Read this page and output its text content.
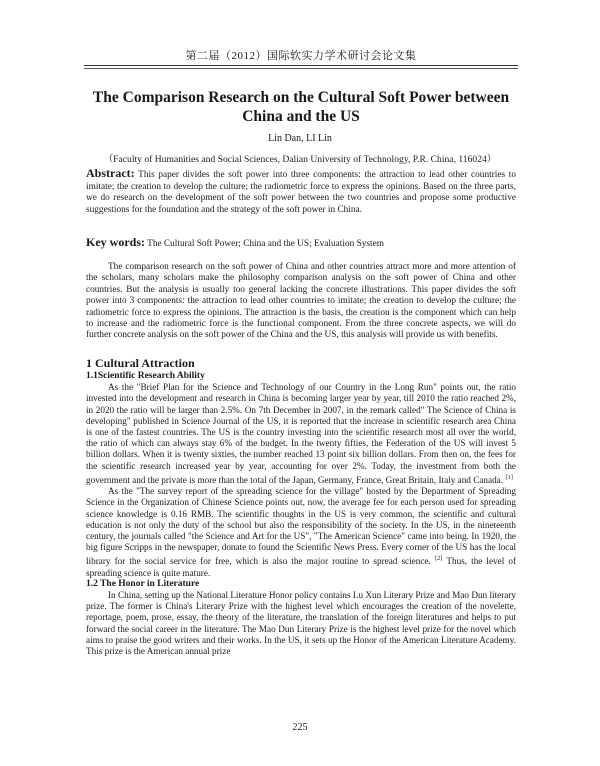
第二届（2012）国际软实力学术研讨会论文集
The Comparison Research on the Cultural Soft Power between China and the US
Lin Dan, LI Lin
（Faculty of Humanities and Social Sciences, Dalian University of Technology, P.R. China, 116024）
Abstract: This paper divides the soft power into three components: the attraction to lead other countries to imitate; the creation to develop the culture; the radiometric force to express the opinions. Based on the three parts, we do research on the development of the soft power between the two countries and propose some productive suggestions for the foundation and the strategy of the soft power in China.
Key words: The Cultural Soft Power; China and the US; Evaluation System
The comparison research on the soft power of China and other countries attract more and more attention of the scholars, many scholars make the philosophy comparison analysis on the soft power of China and other countries. But the analysis is usually too general lacking the concrete illustrations. This paper divides the soft power into 3 components: the attraction to lead other countries to imitate; the creation to develop the culture; the radiometric force to express the opinions. The attraction is the basis, the creation is the component which can help to increase and the radiometric force is the functional component. From the three concrete aspects, we will do further concrete analysis on the soft power of the China and the US, this analysis will provide us with benefits.
1 Cultural Attraction

1.1Scientific Research Ability

As the "Brief Plan for the Science and Technology of our Country in the Long Run" points out, the ratio invested into the development and research in China is becoming larger year by year, till 2010 the ratio reached 2%, in 2020 the ratio will be larger than 2.5%. On 7th December in 2007, in the remark called" The Science of China is developing" published in Science Journal of the US, it is reported that the increase in scientific research area China is one of the fastest countries. The US is the country investing into the scientific research most all over the world, the ratio of which can always stay 6% of the budget. In the twenty fifties, the Federation of the US will invest 5 billion dollars. When it is twenty sixties, the number reached 13 point six billion dollars. From then on, the fees for the scientific research increased year by year, accounting for over 2%. Today, the investment from both the government and the private is more than the total of the Japan, Germany, France, Great Britain, Italy and Canada. [1]

As the "The survey report of the spreading science for the village" hosted by the Department of Spreading Science in the Organization of Chinese Science points out, now, the average fee for each person used for spreading science knowledge is 0.16 RMB. The scientific thoughts in the US is very common, the scientific and cultural education is not only the duty of the school but also the responsibility of the society. In the US, in the nineteenth century, the journals called "the Science and Art for the US", "The American Science" came into being. In 1920, the big figure Scripps in the newspaper, donate to found the Scientific News Press. Every corner of the US has the local library for the social service for free, which is also the major routine to spread science. [2] Thus, the level of spreading science is quite mature.

1.2 The Honor in Literature

In China, setting up the National Literature Honor policy contains Lu Xun Literary Prize and Mao Dun literary prize. The former is China's Literary Prize with the highest level which encourages the creation of the novelette, reportage, poem, prose, essay, the theory of the literature, the translation of the foreign literatures and helps to put forward the social career in the literature. The Mao Dun Literary Prize is the highest level prize for the novel which aims to praise the good writers and their works. In the US, it sets up the Honor of the American Literature Academy. This prize is the American annual prize

225
